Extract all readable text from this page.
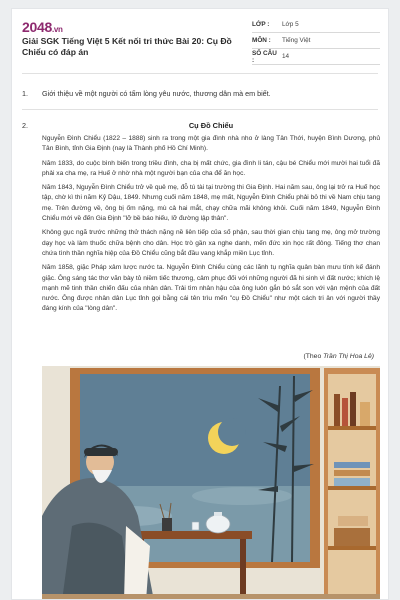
2048.vn
Giải SGK Tiếng Việt 5 Kết nối tri thức Bài 20: Cụ Đồ Chiểu có đáp án
LỚP :	Lớp 5
MÔN :	Tiếng Việt
SỐ CÂU :	14
1. Giới thiệu về một người có tấm lòng yêu nước, thương dân mà em biết.
2.	Cụ Đồ Chiểu

Nguyễn Đình Chiểu (1822 – 1888) sinh ra trong một gia đình nhà nho ở làng Tân Thới, huyện Bình Dương, phủ Tân Bình, tỉnh Gia Định (nay là Thành phố Hồ Chí Minh).

Năm 1833, do cuộc bình biến trong triều đình, cha bị mất chức, gia đình li tán, cậu bé Chiểu mới mười hai tuổi đã phải xa cha mẹ, ra Huế ở nhờ nhà một người bạn của cha để ăn học.

Năm 1843, Nguyễn Đình Chiểu trở về quê mẹ, đỗ tú tài tại trường thi Gia Định. Hai năm sau, ông lại trở ra Huế học tập, chờ kì thi năm Kỷ Dậu, 1849. Nhưng cuối năm 1848, mẹ mất, Nguyễn Đình Chiểu phải bỏ thi về Nam chịu tang mẹ. Trên đường về, ông bị ốm nặng, mù cả hai mắt, chạy chữa mãi không khỏi. Cuối năm 1849, Nguyễn Đình Chiểu mới về đến Gia Định "lỡ bề báo hiếu, lỡ đường lập thân".

Không gục ngã trước những thử thách nặng nề liên tiếp của số phận, sau thời gian chịu tang mẹ, ông mở trường dạy học và làm thuốc chữa bệnh cho dân. Học trò gần xa nghe danh, mến đức xin học rất đông. Tiếng thơ chan chứa tình thần nghĩa hiệp của Đồ Chiểu cũng bắt đầu vang khắp miền Lục tỉnh.

Năm 1858, giặc Pháp xâm lược nước ta. Nguyễn Đình Chiểu cùng các lãnh tụ nghĩa quân bàn mưu tính kế đánh giặc. Ông sáng tác thơ văn bày tỏ niềm tiếc thương, cảm phục đối với những người đã hi sinh vì đất nước; khích lệ mạnh mẽ tinh thần chiến đấu của nhân dân. Trải tìm nhân hậu của ông luôn gắn bó sắt son với vận mệnh của đất nước. Ông được nhân dân Lục tỉnh gọi bằng cái tên trìu mến "cụ Đồ Chiểu" như một cách tri ân với người thầy đáng kính của "lòng dân".

(Theo Trần Thị Hoa Lê)
